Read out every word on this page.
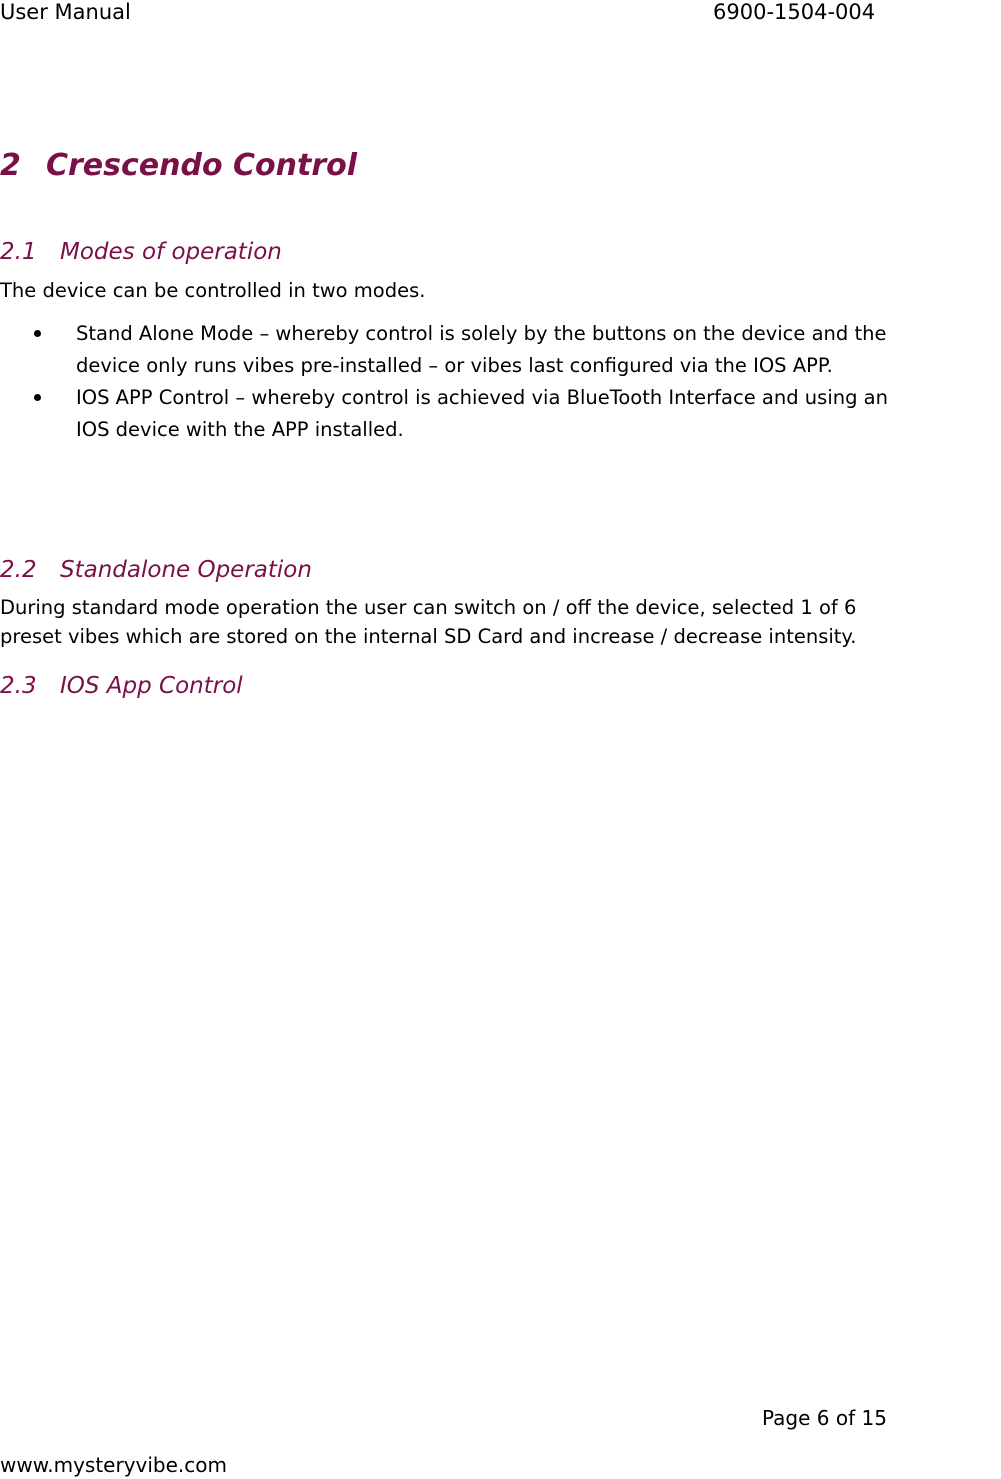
User Manual	6900-1504-004
2 Crescendo Control
2.1 Modes of operation
The device can be controlled in two modes.
Stand Alone Mode – whereby control is solely by the buttons on the device and the
device only runs vibes pre-installed – or vibes last configured via the IOS APP.
IOS APP Control – whereby control is achieved via BlueTooth Interface and using an
IOS device with the APP installed.
2.2 Standalone Operation
During standard mode operation the user can switch on / off the device, selected 1 of 6
preset vibes which are stored on the internal SD Card and increase / decrease intensity.
2.3 IOS App Control
Page 6 of 15
www.mysteryvibe.com
